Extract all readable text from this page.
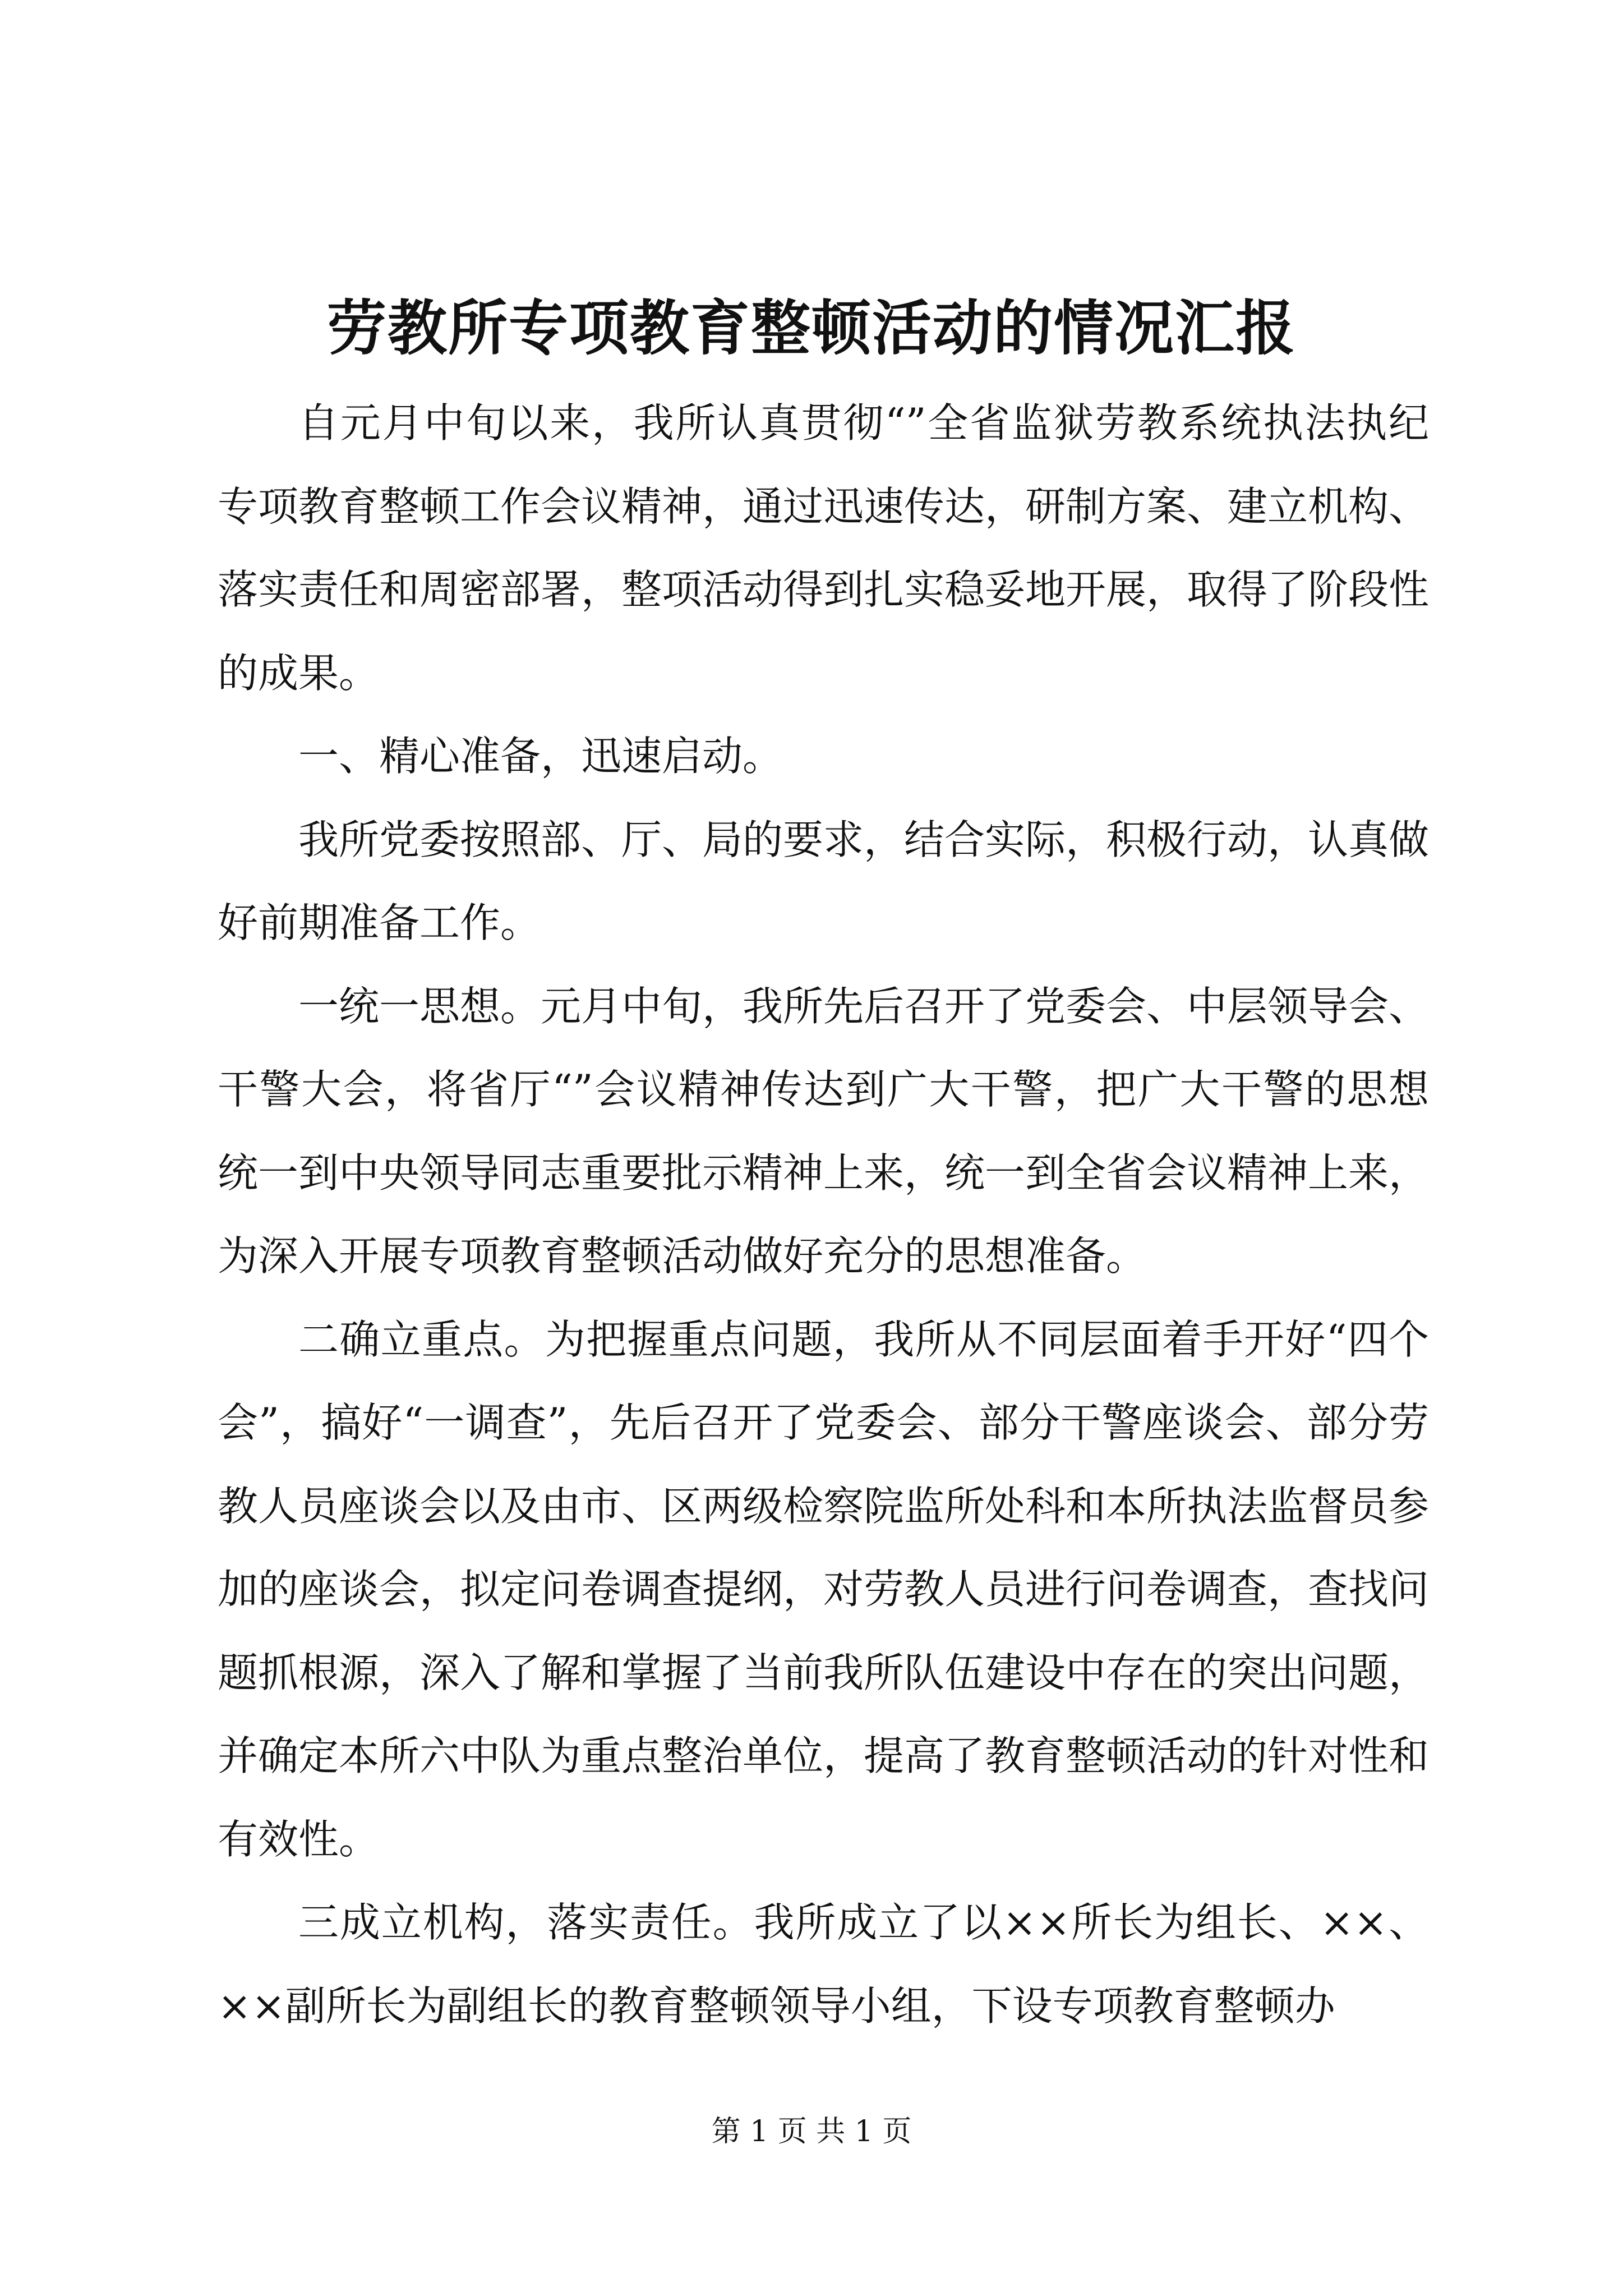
劳教所专项教育整顿活动的情况汇报

自元月中旬以来，我所认真贯彻“”全省监狱劳教系统执法执纪专项教育整顿工作会议精神，通过迅速传达，研制方案、建立机构、落实责任和周密部署，整项活动得到扎实稳妥地开展，取得了阶段性的成果。

一、精心准备，迅速启动。

我所党委按照部、厅、局的要求，结合实际，积极行动，认真做好前期准备工作。

一统一思想。元月中旬，我所先后召开了党委会、中层领导会、干警大会，将省厅“”会议精神传达到广大干警，把广大干警的思想统一到中央领导同志重要批示精神上来，统一到全省会议精神上来，为深入开展专项教育整顿活动做好充分的思想准备。

二确立重点。为把握重点问题，我所从不同层面着手开好“四个会”，搞好“一调查”，先后召开了党委会、部分干警座谈会、部分劳教人员座谈会以及由市、区两级检察院监所处科和本所执法监督员参加的座谈会，拟定问卷调查提纲，对劳教人员进行问卷调查，查找问题抓根源，深入了解和掌握了当前我所队伍建设中存在的突出问题，并确定本所六中队为重点整治单位，提高了教育整顿活动的针对性和有效性。

三成立机构，落实责任。我所成立了以××所长为组长、××、××副所长为副组长的教育整顿领导小组，下设专项教育整顿办

第 1 页 共 1 页
